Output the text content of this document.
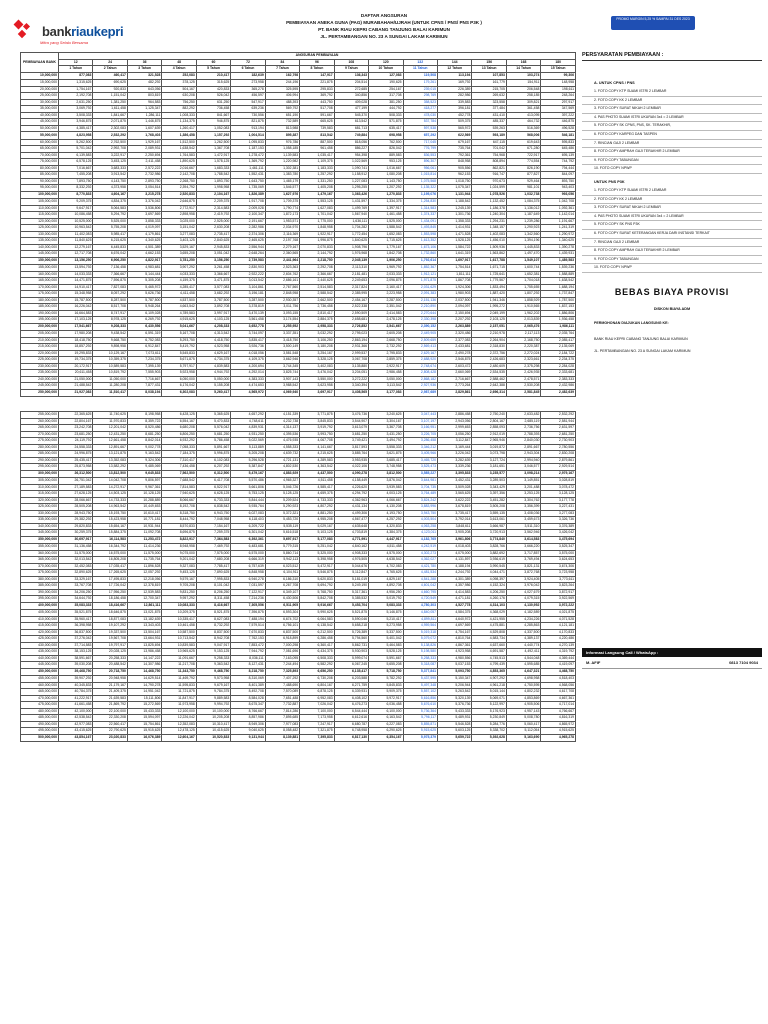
bankriaukepri
Mitra yang Selalu Bersama
DAFTAR ANGSURAN
PEMBIAYAAN ANEKA GUNA (PAG) MURABAHAH/UJRAH (UNTUK CPNS / PNS/ PNS P3K )
PT. BANK RIAU KEPRI CABANG TANJUNG BALAI KARIMUN
JL. PERTAMBANGAN NO. 23 A SUNGAI LAKAM KARIMUN
PROMO MARGIN 5,25 % SAMPAI 31 DES 2023
PEMBIAYAAN BANK	ANGSURAN PEMBIAYAAN														
	12	24	36	48	60	72	84	96	108	120	132	144	156	168	180
	1 Tahun	2 Tahun	3 Tahun	4 Tahun	5 Tahun	6 Tahun	7 Tahun	8 Tahun	9 Tahun	10 Tahun	11 Tahun	12 Tahun	13 Tahun	14 Tahun	15 Tahun
10,000,000	877,083	460,417	321,528	252,083	210,417	182,639	162,798	147,917	136,343	127,083	119,508	113,194	107,853	103,274	99,306
15,000,000	1,315,625	690,625	482,292	378,125	315,625	273,958	244,196	221,875	204,514	190,625	179,261	169,792	161,779	154,911	148,958
20,000,000	1,754,167	920,833	643,056	504,167	420,833	365,278	325,595	295,833	272,685	254,167	239,015	226,389	215,705	206,548	198,611
25,000,000	2,192,708	1,151,042	803,819	630,208	526,042	456,597	406,994	369,792	340,856	317,708	298,769	282,986	269,632	258,185	248,264
30,000,000	2,631,250	1,381,250	964,583	756,250	631,250	547,917	488,393	443,750	409,028	381,250	358,523	339,583	323,558	309,821	297,917
35,000,000	3,069,792	1,611,458	1,125,347	882,292	736,458	639,236	569,792	517,708	477,199	444,792	418,277	396,181	377,484	361,458	347,569
40,000,000	3,508,333	1,841,667	1,286,111	1,008,333	841,667	730,556	651,190	591,667	545,370	508,333	478,030	452,778	431,410	413,095	397,222
45,000,000	3,946,875	2,071,875	1,446,875	1,134,375	946,875	821,875	732,589	665,625	613,542	571,875	537,784	509,375	485,337	464,732	446,875
50,000,000	4,385,417	2,302,083	1,607,639	1,260,417	1,052,083	913,194	813,988	739,583	681,713	635,417	597,538	565,972	539,263	516,369	496,528
55,000,000	4,823,958	2,532,292	1,768,403	1,386,458	1,157,292	1,004,514	895,387	813,542	749,884	698,958	657,292	622,569	593,189	568,006	546,181
60,000,000	5,262,500	2,762,500	1,929,167	1,512,500	1,262,500	1,095,833	976,786	887,500	818,056	762,500	717,045	679,167	647,115	619,643	595,833
65,000,000	5,701,042	2,992,708	2,089,931	1,638,542	1,367,708	1,187,153	1,058,185	961,458	886,227	826,042	776,799	735,764	701,042	671,280	645,486
70,000,000	6,139,583	3,222,917	2,250,694	1,764,583	1,472,917	1,278,472	1,139,583	1,035,417	954,398	889,583	836,553	792,361	754,968	722,917	695,139
75,000,000	6,578,125	3,453,125	2,411,458	1,890,625	1,578,125	1,369,792	1,220,982	1,109,375	1,022,569	953,125	896,307	848,958	808,894	774,554	744,792
80,000,000	7,016,667	3,683,333	2,572,222	2,016,667	1,683,333	1,461,111	1,302,381	1,183,333	1,090,741	1,016,667	956,061	905,556	862,821	826,190	794,444
85,000,000	7,455,208	3,913,542	2,732,986	2,142,708	1,788,542	1,552,431	1,383,780	1,257,292	1,158,912	1,080,208	1,015,814	962,153	916,747	877,827	844,097
90,000,000	7,893,750	4,143,750	2,893,750	2,268,750	1,893,750	1,643,750	1,465,179	1,331,250	1,227,083	1,143,750	1,075,568	1,018,750	970,673	929,464	893,750
95,000,000	8,332,292	4,373,958	3,054,514	2,394,792	1,998,958	1,735,069	1,546,577	1,405,208	1,295,255	1,207,292	1,135,322	1,075,347	1,024,599	981,101	943,403
100,000,000	8,770,833	4,604,167	3,215,278	2,520,833	2,104,167	1,826,389	1,627,976	1,479,167	1,363,426	1,270,833	1,195,076	1,131,944	1,078,526	1,032,738	993,056
105,000,000	9,209,375	4,834,375	3,376,042	2,646,875	2,209,375	1,917,708	1,709,375	1,553,125	1,431,597	1,334,375	1,254,830	1,188,542	1,132,452	1,084,375	1,042,708
110,000,000	9,647,917	5,064,583	3,536,806	2,772,917	2,314,583	2,009,028	1,790,774	1,627,083	1,499,769	1,397,917	1,314,583	1,245,139	1,186,378	1,136,012	1,092,361
115,000,000	10,086,458	5,294,792	3,697,569	2,898,958	2,419,792	2,100,347	1,872,173	1,701,042	1,567,940	1,461,458	1,374,337	1,301,736	1,240,304	1,187,649	1,142,014
120,000,000	10,525,000	5,525,000	3,858,333	3,025,000	2,525,000	2,191,667	1,953,571	1,775,000	1,636,111	1,525,000	1,434,091	1,358,333	1,294,231	1,239,286	1,191,667
125,000,000	10,963,542	5,755,208	4,019,097	3,151,042	2,630,208	2,282,986	2,034,970	1,848,958	1,704,282	1,588,542	1,493,845	1,414,931	1,348,157	1,290,923	1,241,319
130,000,000	11,402,083	5,985,417	4,179,861	3,277,083	2,735,417	2,374,306	2,116,369	1,922,917	1,772,454	1,652,083	1,553,598	1,471,528	1,402,083	1,342,560	1,290,972
135,000,000	11,840,625	6,215,625	4,340,625	3,403,125	2,840,625	2,465,625	2,197,768	1,996,875	1,840,625	1,715,625	1,613,352	1,528,125	1,456,010	1,394,196	1,340,625
140,000,000	12,279,167	6,445,833	4,501,389	3,529,167	2,945,833	2,556,944	2,279,167	2,070,833	1,908,796	1,779,167	1,673,106	1,584,722	1,509,936	1,445,833	1,390,278
145,000,000	12,717,708	6,676,042	4,662,153	3,655,208	3,051,042	2,648,264	2,360,565	2,144,792	1,976,968	1,842,708	1,732,860	1,641,319	1,563,862	1,497,470	1,439,931
150,000,000	13,156,250	6,906,250	4,822,917	3,781,250	3,156,250	2,739,583	2,441,964	2,218,750	2,045,139	1,906,250	1,792,614	1,697,917	1,617,788	1,549,107	1,489,583
155,000,000	13,594,792	7,136,458	4,983,681	3,907,292	3,261,458	2,830,903	2,523,363	2,292,708	2,113,310	1,969,792	1,852,367	1,754,514	1,671,715	1,600,744	1,539,236
160,000,000	14,033,333	7,366,667	5,144,444	4,033,333	3,366,667	2,922,222	2,604,762	2,366,667	2,181,481	2,033,333	1,912,121	1,811,111	1,725,641	1,652,381	1,588,889
165,000,000	14,471,875	7,596,875	5,305,208	4,159,375	3,471,875	3,013,542	2,686,161	2,440,625	2,249,653	2,096,875	1,971,875	1,867,708	1,779,567	1,704,018	1,638,542
170,000,000	14,910,417	7,827,083	5,465,972	4,285,417	3,577,083	3,104,861	2,767,560	2,514,583	2,317,824	2,160,417	2,031,629	1,924,306	1,833,494	1,755,655	1,688,194
175,000,000	15,348,958	8,057,292	5,626,736	4,411,458	3,682,292	3,196,181	2,848,958	2,588,542	2,385,995	2,223,958	2,091,383	1,980,903	1,887,420	1,807,292	1,737,847
180,000,000	15,787,500	8,287,500	5,787,500	4,537,500	3,787,500	3,287,500	2,930,357	2,662,500	2,454,167	2,287,500	2,151,136	2,037,500	1,941,346	1,858,929	1,787,500
185,000,000	16,226,042	8,517,708	5,948,264	4,663,542	3,892,708	3,378,819	3,011,756	2,736,458	2,522,338	2,351,042	2,210,890	2,094,097	1,995,272	1,910,565	1,837,153
190,000,000	16,664,583	8,747,917	6,109,028	4,789,583	3,997,917	3,470,139	3,093,155	2,810,417	2,590,509	2,414,583	2,270,644	2,150,694	2,049,199	1,962,202	1,886,806
195,000,000	17,103,125	8,978,125	6,269,792	4,915,625	4,103,125	3,561,458	3,174,554	2,884,375	2,658,681	2,478,125	2,330,398	2,207,292	2,103,125	2,013,839	1,936,458
200,000,000	17,541,667	9,208,333	6,430,556	5,041,667	4,208,333	3,652,778	3,255,952	2,958,333	2,726,852	2,541,667	2,390,152	2,263,889	2,157,051	2,065,476	1,986,111
205,000,000	17,980,208	9,438,542	6,591,319	5,167,708	4,313,542	3,744,097	3,337,351	3,032,292	2,795,023	2,605,208	2,449,905	2,320,486	2,210,978	2,117,113	2,035,764
210,000,000	18,418,750	9,668,750	6,752,083	5,293,750	4,418,750	3,835,417	3,418,750	3,106,250	2,863,194	2,668,750	2,509,659	2,377,083	2,264,904	2,168,750	2,085,417
215,000,000	18,857,292	9,898,958	6,912,847	5,419,792	4,523,958	3,926,736	3,500,149	3,180,208	2,931,366	2,732,292	2,569,413	2,433,681	2,318,830	2,220,387	2,135,069
220,000,000	19,295,833	10,129,167	7,073,611	5,545,833	4,629,167	4,018,056	3,581,548	3,254,167	2,999,537	2,795,833	2,629,167	2,490,278	2,372,756	2,272,024	2,184,722
225,000,000	19,734,375	10,359,375	7,234,375	5,671,875	4,734,375	4,109,375	3,662,946	3,328,125	3,067,708	2,859,375	2,688,920	2,546,875	2,426,683	2,323,661	2,234,375
230,000,000	20,172,917	10,589,583	7,395,139	5,797,917	4,839,583	4,200,694	3,744,345	3,402,083	3,135,880	2,922,917	2,748,674	2,603,472	2,480,609	2,375,298	2,284,028
235,000,000	20,611,458	10,819,792	7,555,903	5,923,958	4,944,792	4,292,014	3,825,744	3,476,042	3,204,051	2,986,458	2,808,428	2,660,069	2,534,535	2,426,935	2,333,681
240,000,000	21,050,000	11,050,000	7,716,667	6,050,000	5,050,000	4,383,333	3,907,143	3,550,000	3,272,222	3,050,000	2,868,182	2,716,667	2,588,462	2,478,571	2,383,333
245,000,000	21,488,542	11,280,208	7,877,431	6,176,042	5,155,208	4,474,653	3,988,542	3,623,958	3,340,394	3,113,542	2,927,936	2,773,264	2,642,388	2,530,208	2,432,986
250,000,000	21,927,083	11,510,417	8,038,194	6,302,083	5,260,417	4,565,972	4,069,940	3,697,917	3,408,565	3,177,083	2,987,689	2,829,861	2,696,314	2,581,845	2,482,639
255,000,000	22,365,625	11,740,625	8,198,958	6,428,125	5,365,625	4,657,292	4,151,339	3,771,875	3,476,736	3,240,625	3,047,443	2,886,458	2,750,240	2,633,482	2,532,292
260,000,000	22,804,167	11,970,833	8,359,722	6,554,167	5,470,833	4,748,611	4,232,738	3,845,833	3,544,907	3,304,167	3,107,197	2,943,056	2,804,167	2,685,119	2,581,944
265,000,000	23,242,708	12,201,042	8,520,486	6,680,208	5,576,042	4,839,931	4,314,137	3,919,792	3,613,079	3,367,708	3,166,951	2,999,653	2,858,093	2,736,756	2,631,597
270,000,000	23,681,250	12,431,250	8,681,250	6,806,250	5,681,250	4,931,250	4,395,536	3,993,750	3,681,250	3,431,250	3,226,705	3,056,250	2,912,019	2,788,393	2,681,250
275,000,000	24,119,792	12,661,458	8,842,014	6,932,292	5,786,458	5,022,569	4,476,935	4,067,708	3,749,421	3,494,792	3,286,458	3,112,847	2,965,946	2,840,030	2,730,903
280,000,000	24,558,333	12,891,667	9,002,778	7,058,333	5,891,667	5,113,889	4,558,333	4,141,667	3,817,593	3,558,333	3,346,212	3,169,444	3,019,872	2,891,667	2,780,556
285,000,000	24,996,875	13,121,875	9,163,542	7,184,375	5,996,875	5,205,208	4,639,732	4,215,625	3,885,764	3,621,875	3,405,966	3,226,042	3,073,798	2,943,304	2,830,208
290,000,000	25,435,417	13,352,083	9,324,306	7,310,417	6,102,083	5,296,528	4,721,131	4,289,583	3,953,935	3,685,417	3,465,720	3,282,639	3,127,724	2,994,940	2,879,861
295,000,000	25,873,958	13,582,292	9,485,069	7,436,458	6,207,292	5,387,847	4,802,530	4,363,542	4,022,106	3,748,958	3,525,473	3,339,236	3,181,651	3,046,577	2,929,514
300,000,000	26,312,500	13,812,500	9,645,833	7,562,500	6,312,500	5,479,167	4,883,929	4,437,500	4,090,278	3,812,500	3,585,227	3,395,833	3,235,577	3,098,214	2,979,167
305,000,000	26,751,042	14,042,708	9,806,597	7,688,542	6,417,708	5,570,486	4,965,327	4,511,458	4,158,449	3,876,042	3,644,981	3,452,431	3,289,503	3,149,851	3,028,819
310,000,000	27,189,583	14,272,917	9,967,361	7,814,583	6,522,917	5,661,806	5,046,726	4,585,417	4,226,620	3,939,583	3,704,735	3,509,028	3,343,429	3,201,488	3,078,472
315,000,000	27,628,125	14,503,125	10,128,125	7,940,625	6,628,125	5,753,125	5,128,125	4,659,375	4,294,792	4,003,125	3,764,489	3,565,625	3,397,356	3,253,125	3,128,125
320,000,000	28,066,667	14,733,333	10,288,889	8,066,667	6,733,333	5,844,444	5,209,524	4,733,333	4,362,963	4,066,667	3,824,242	3,622,222	3,451,282	3,304,762	3,177,778
325,000,000	28,505,208	14,963,542	10,449,653	8,192,708	6,838,542	5,935,764	5,290,923	4,807,292	4,431,134	4,130,208	3,883,996	3,678,819	3,505,208	3,356,399	3,227,431
330,000,000	28,943,750	15,193,750	10,610,417	8,318,750	6,943,750	6,027,083	5,372,321	4,881,250	4,499,306	4,193,750	3,943,750	3,735,417	3,559,135	3,408,036	3,277,083
335,000,000	29,382,292	15,423,958	10,771,181	8,444,792	7,048,958	6,118,403	5,453,720	4,955,208	4,567,477	4,257,292	4,003,504	3,792,014	3,613,061	3,459,673	3,326,736
340,000,000	29,820,833	15,654,167	10,931,944	8,570,833	7,154,167	6,209,722	5,535,119	5,029,167	4,635,648	4,320,833	4,063,258	3,848,611	3,666,987	3,511,310	3,376,389
345,000,000	30,259,375	15,884,375	11,092,708	8,696,875	7,259,375	6,301,042	5,616,518	5,103,125	4,703,819	4,384,375	4,123,011	3,905,208	3,720,913	3,562,946	3,426,042
350,000,000	30,697,917	16,114,583	11,253,472	8,822,917	7,364,583	6,392,361	5,697,917	5,177,083	4,771,991	4,447,917	4,182,765	3,961,806	3,774,840	3,614,583	3,475,694
355,000,000	31,136,458	16,344,792	11,414,236	8,948,958	7,469,792	6,483,681	5,779,315	5,251,042	4,840,162	4,511,458	4,242,519	4,018,403	3,828,766	3,666,220	3,525,347
360,000,000	31,575,000	16,575,000	11,575,000	9,075,000	7,575,000	6,575,000	5,860,714	5,325,000	4,908,333	4,575,000	4,302,273	4,075,000	3,882,692	3,717,857	3,575,000
365,000,000	32,013,542	16,805,208	11,735,764	9,201,042	7,680,208	6,666,319	5,942,113	5,398,958	4,976,505	4,638,542	4,362,027	4,131,597	3,936,619	3,769,494	3,624,653
370,000,000	32,452,083	17,035,417	11,896,528	9,327,083	7,785,417	6,757,639	6,023,512	5,472,917	5,044,676	4,702,083	4,421,780	4,188,194	3,990,545	3,821,131	3,674,306
375,000,000	32,890,625	17,265,625	12,057,292	9,453,125	7,890,625	6,848,958	6,104,911	5,546,875	5,112,847	4,765,625	4,481,534	4,244,792	4,044,471	3,872,768	3,723,958
380,000,000	33,329,167	17,495,833	12,218,056	9,579,167	7,995,833	6,940,278	6,186,310	5,620,833	5,181,019	4,829,167	4,541,288	4,301,389	4,098,397	3,924,405	3,773,611
385,000,000	33,767,708	17,726,042	12,378,819	9,705,208	8,101,042	7,031,597	6,267,708	5,694,792	5,249,190	4,892,708	4,601,042	4,357,986	4,152,324	3,976,042	3,823,264
390,000,000	34,206,250	17,956,250	12,539,583	9,831,250	8,206,250	7,122,917	6,349,107	5,768,750	5,317,361	4,956,250	4,660,795	4,414,583	4,206,250	4,027,679	3,872,917
395,000,000	34,644,792	18,186,458	12,700,347	9,957,292	8,311,458	7,214,236	6,430,506	5,842,708	5,385,532	5,019,792	4,720,549	4,471,181	4,260,176	4,079,315	3,922,569
400,000,000	35,083,333	18,416,667	12,861,111	10,083,333	8,416,667	7,305,556	6,511,905	5,916,667	5,453,704	5,083,333	4,780,303	4,527,778	4,314,103	4,130,952	3,972,222
405,000,000	35,521,875	18,646,875	13,021,875	10,209,375	8,521,875	7,396,875	6,593,304	5,990,625	5,521,875	5,146,875	4,840,057	4,584,375	4,368,029	4,182,589	4,021,875
410,000,000	35,960,417	18,877,083	13,182,639	10,335,417	8,627,083	7,488,194	6,674,702	6,064,583	5,590,046	5,210,417	4,899,811	4,640,972	4,421,955	4,234,226	4,071,528
415,000,000	36,398,958	19,107,292	13,343,403	10,461,458	8,732,292	7,579,514	6,756,101	6,138,542	5,658,218	5,273,958	4,959,564	4,697,569	4,475,881	4,285,863	4,121,181
420,000,000	36,837,500	19,337,500	13,504,167	10,587,500	8,837,500	7,670,833	6,837,500	6,212,500	5,726,389	5,337,500	5,019,318	4,754,167	4,529,808	4,337,500	4,170,833
425,000,000	37,276,042	19,567,708	13,664,931	10,713,542	8,942,708	7,762,153	6,918,899	6,286,458	5,794,560	5,401,042	5,079,072	4,810,764	4,583,734	4,389,137	4,220,486
430,000,000	37,714,583	19,797,917	13,825,694	10,839,583	9,047,917	7,853,472	7,000,298	6,360,417	5,862,731	5,464,583	5,138,826	4,867,361	4,637,660	4,440,774	4,270,139
435,000,000	38,153,125	20,028,125	13,986,458	10,965,625	9,153,125	7,944,792	7,081,696	6,434,375	5,930,903	5,528,125	5,198,580	4,923,958	4,691,587	4,492,411	4,319,792
440,000,000	38,591,667	20,258,333	14,147,222	11,091,667	9,258,333	8,036,111	7,163,095	6,508,333	5,999,074	5,591,667	5,258,333	4,980,556	4,745,513	4,544,048	4,369,444
445,000,000	39,030,208	20,488,542	14,307,986	11,217,708	9,363,542	8,127,431	7,244,494	6,582,292	6,067,245	5,655,208	5,318,087	5,037,153	4,799,439	4,595,685	4,419,097
450,000,000	39,468,750	20,718,750	14,468,750	11,343,750	9,468,750	8,218,750	7,325,893	6,656,250	6,135,417	5,718,750	5,377,841	5,093,750	4,853,365	4,647,321	4,468,750
455,000,000	39,907,292	20,948,958	14,629,514	11,469,792	9,573,958	8,310,069	7,407,292	6,730,208	6,203,588	5,782,292	5,437,595	5,150,347	4,907,292	4,698,958	4,518,403
460,000,000	40,345,833	21,179,167	14,790,278	11,595,833	9,679,167	8,401,389	7,488,690	6,804,167	6,271,759	5,845,833	5,497,348	5,206,944	4,961,218	4,750,595	4,568,056
465,000,000	40,784,375	21,409,375	14,951,042	11,721,875	9,784,375	8,492,708	7,570,089	6,878,125	6,339,931	5,909,375	5,557,102	5,263,542	5,015,144	4,802,232	4,617,708
470,000,000	41,222,917	21,639,583	15,111,806	11,847,917	9,889,583	8,584,028	7,651,488	6,952,083	6,408,102	5,972,917	5,616,856	5,320,139	5,069,071	4,853,869	4,667,361
475,000,000	41,661,458	21,869,792	15,272,569	11,973,958	9,994,792	8,675,347	7,732,887	7,026,042	6,476,273	6,036,458	5,676,610	5,376,736	5,122,997	4,905,506	4,717,014
480,000,000	42,100,000	22,100,000	15,433,333	12,100,000	10,100,000	8,766,667	7,814,286	7,100,000	6,544,444	6,100,000	5,736,364	5,433,333	5,176,923	4,957,143	4,766,667
485,000,000	42,538,542	22,330,208	15,594,097	12,226,042	10,205,208	8,857,986	7,895,685	7,173,958	6,612,616	6,163,542	5,796,117	5,489,931	5,230,849	5,008,780	4,816,319
490,000,000	42,977,083	22,560,417	15,754,861	12,352,083	10,310,417	8,949,306	7,977,083	7,247,917	6,680,787	6,227,083	5,855,871	5,546,528	5,284,776	5,060,417	4,865,972
495,000,000	43,415,625	22,790,625	15,915,625	12,478,125	10,415,625	9,040,625	8,058,482	7,321,875	6,748,958	6,290,625	5,915,625	5,603,125	5,338,702	5,112,054	4,915,625
500,000,000	43,854,167	23,020,833	16,076,389	12,604,167	10,520,833	9,131,944	8,139,881	7,395,833	6,817,130	6,354,167	5,975,379	5,659,722	5,392,628	5,163,690	4,965,278
PERSYARATAN PEMBIAYAAN :
A. UNTUK CPNS / PNS
1. FOTO COPY KTP SUAMI ISTRI 2 LEMBAR
2. FOTO COPY KK 2 LEMBAR
3. FOTO COPY SURAT NIKAH 2 LEMBAR
4. PAS PHOTO SUAMI ISTRI UKURAN 3x4 = 2 LEMBAR
5. FOTO COPY SK CPNS, PNS, SK. TERAKHIR,
6. FOTO COPY KARPEG DAN TASPEN
7. RINCIAN GAJI 2 LEMBAR
8. FOTO COPY AMPRAH GAJI TERAKHIR 2 LEMBAR
9. FOTO COPY TABUNGAN
10. FOTO COPY NPWP
UNTUK PNS P3K
1. FOTO COPY KTP SUAMI ISTRI 2 LEMBAR
2. FOTO COPY KK 2 LEMBAR
3. FOTO COPY SURAT NIKAH 2 LEMBAR
4. PAS PHOTO SUAMI ISTRI UKURAN 3x4 = 2 LEMBAR
5. FOTO COPY SK PNS P3K
6. FOTO COPY SURAT KETERANGAN KERJA DARI INSTANSI TERKAIT
7. RINCIAN GAJI 2 LEMBAR
8. FOTO COPY AMPRAH GAJI TERAKHIR 2 LEMBAR
9. FOTO COPY TABUNGAN
10. FOTO COPY NPWP
BEBAS BIAYA PROVISI
DISKON BIAYA ADM
PERMOHONAN DIAJUKAN LANGSUNG KE:
BANK RIAU KEPRI CABANG TANJUNG BALAI KARIMUN
JL. PERTAMBANGAN NO. 23 A SUNGAI LAKAM KARIMUN
Informasi Langsung Call / WhatsApp :
M. AFIF	0813 7104 9034
